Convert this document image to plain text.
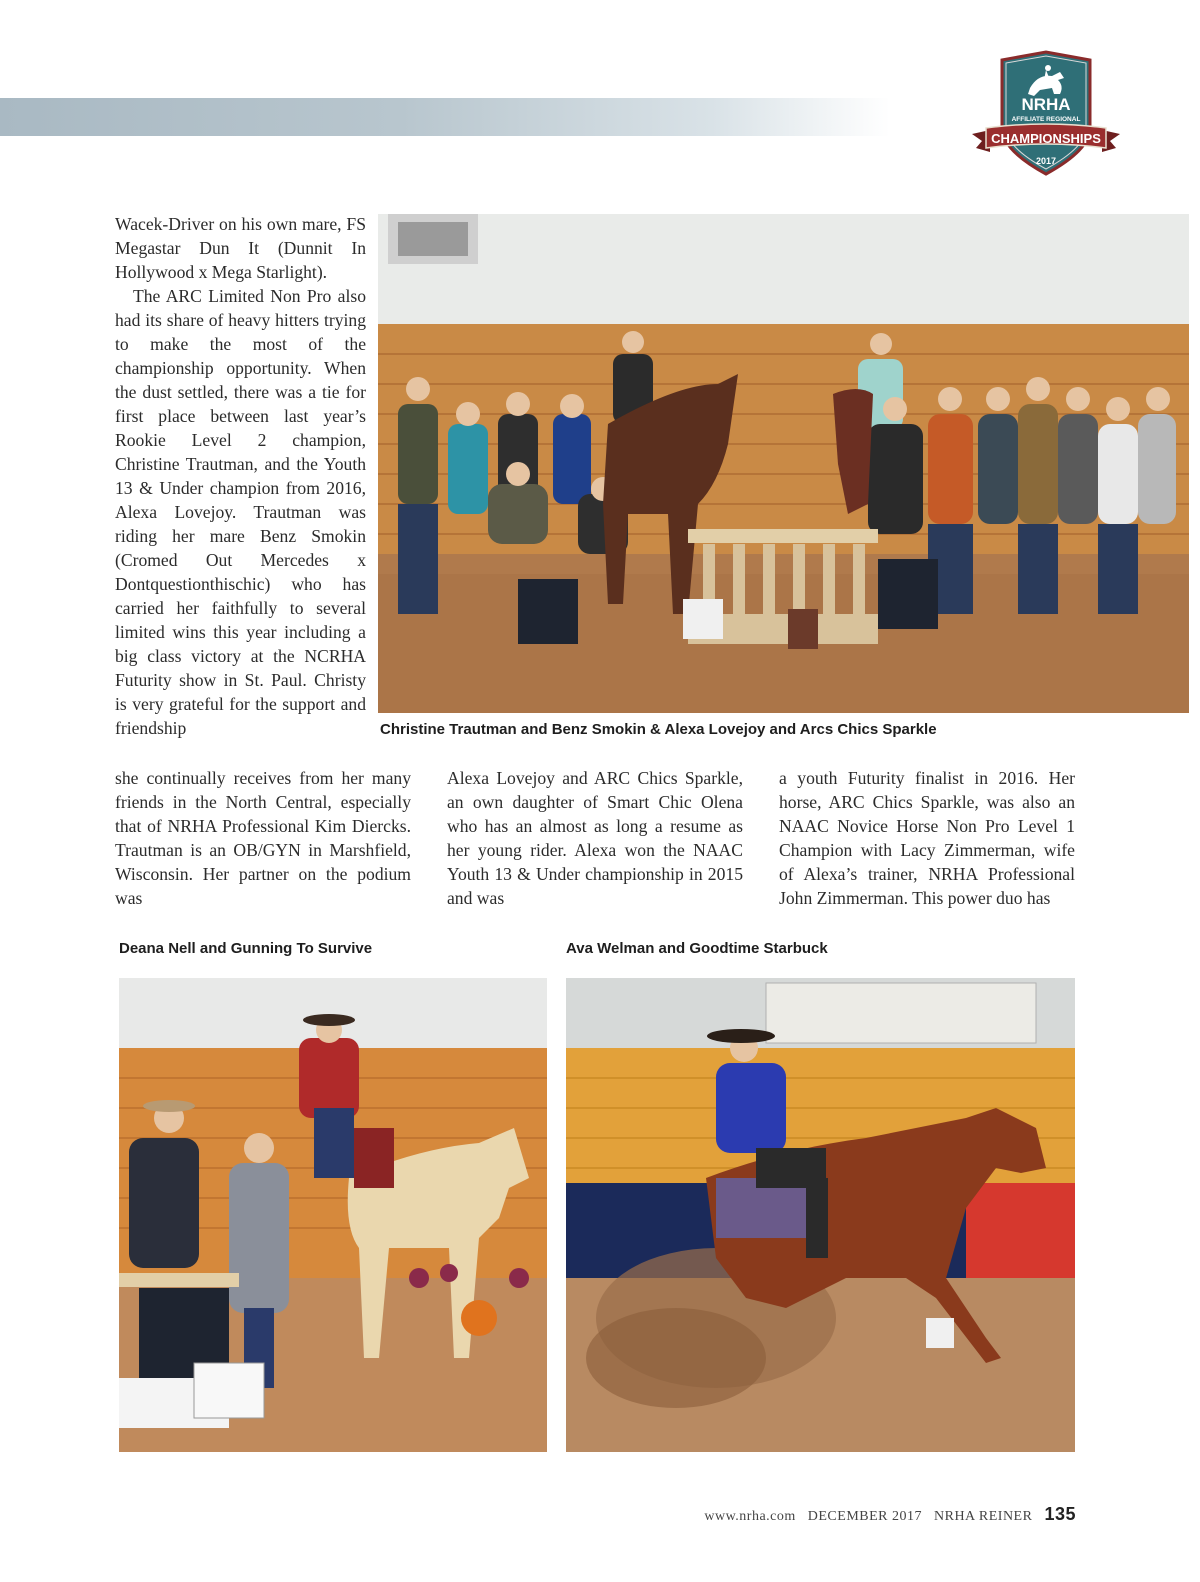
NRHA
AFFILIATE REGIONAL
CHAMPIONSHIPS
2017

Wacek-Driver on his own mare, FS Megastar Dun It (Dunnit In Hollywood x Mega Starlight).

The ARC Limited Non Pro also had its share of heavy hitters trying to make the most of the championship opportunity. When the dust settled, there was a tie for first place between last year’s Rookie Level 2 champion, Christine Trautman, and the Youth 13 & Under champion from 2016, Alexa Lovejoy. Trautman was riding her mare Benz Smokin (Cromed Out Mercedes x Dontquestionthischic) who has carried her faithfully to several limited wins this year including a big class victory at the NCRHA Futurity show in St. Paul. Christy is very grateful for the support and friendship	Christine Trautman and Benz Smokin & Alexa Lovejoy and Arcs Chics Sparkle

she continually receives from her many friends in the North Central, especially that of NRHA Professional Kim Diercks. Trautman is an OB/GYN in Marshfield, Wisconsin. Her partner on the podium was

Alexa Lovejoy and ARC Chics Sparkle, an own daughter of Smart Chic Olena who has an almost as long a resume as her young rider. Alexa won the NAAC Youth 13 & Under championship in 2015 and was

a youth Futurity finalist in 2016. Her horse, ARC Chics Sparkle, was also an NAAC Novice Horse Non Pro Level 1 Champion with Lacy Zimmerman, wife of Alexa’s trainer, NRHA Professional John Zimmerman. This power duo has

Deana Nell and Gunning To Survive	Ava Welman and Goodtime Starbuck
www.nrha.com DECEMBER 2017 NRHA REINER 135
